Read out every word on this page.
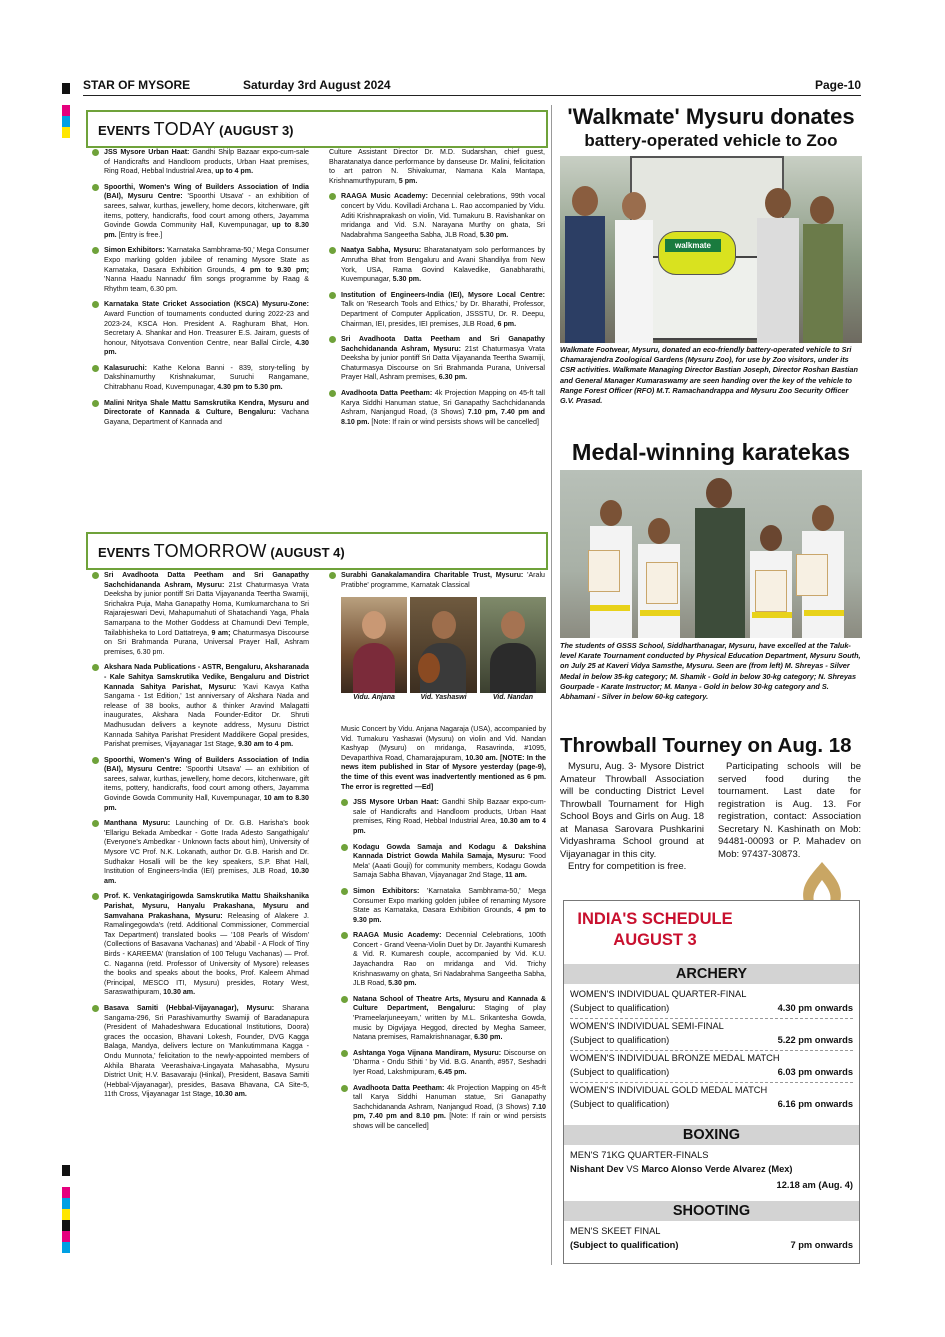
STAR OF MYSORE	Saturday 3rd August 2024	Page-10
EVENTS TODAY (AUGUST 3)
JSS Mysore Urban Haat: Gandhi Shilp Bazaar expo-cum-sale of Handicrafts and Handloom products, Urban Haat premises, Ring Road, Hebbal Industrial Area, up to 4 pm.
Spoorthi, Women's Wing of Builders Association of India (BAI), Mysuru Centre: 'Spoorthi Utsava' - an exhibition of sarees, salwar, kurthas, jewellery, home decors, kitchenware, gift items, pottery, handicrafts, food court among others, Jayamma Govinde Gowda Community Hall, Kuvempunagar, up to 8.30 pm. [Entry is free.]
Simon Exhibitors: 'Karnataka Sambhrama-50,' Mega Consumer Expo marking golden jubilee of renaming Mysore State as Karnataka, Dasara Exhibition Grounds, 4 pm to 9.30 pm; 'Nanna Haadu Nannadu' film songs programme by Raag & Rhythm team, 6.30 pm.
Karnataka State Cricket Association (KSCA) Mysuru-Zone: Award Function of tournaments conducted during 2022-23 and 2023-24, KSCA Hon. President A. Raghuram Bhat, Hon. Secretary A. Shankar and Hon. Treasurer E.S. Jairam, guests of honour, Nityotsava Convention Centre, near Ballal Circle, 4.30 pm.
Kalasuruchi: Kathe Kelona Banni - 839, story-telling by Dakshinamurthy Krishnakumar, Suruchi Rangamane, Chitrabhanu Road, Kuvempunagar, 4.30 pm to 5.30 pm.
Malini Nritya Shale Mattu Samskrutika Kendra, Mysuru and Directorate of Kannada & Culture, Bengaluru: Vachana Gayana, Department of Kannada and
Culture Assistant Director Dr. M.D. Sudarshan, chief guest, Bharatanatya dance performance by danseuse Dr. Malini, felicitation to art patron N. Shivakumar, Namana Kala Mantapa, Krishnamurthypuram, 5 pm.
RAAGA Music Academy: Decennial celebrations, 99th vocal concert by Vidu. Kovilladi Archana L. Rao accompanied by Vidu. Aditi Krishnaprakash on violin, Vid. Tumakuru B. Ravishankar on mridanga and Vid. S.N. Narayana Murthy on ghata, Sri Nadabrahma Sangeetha Sabha, JLB Road, 5.30 pm.
Naatya Sabha, Mysuru: Bharatanatyam solo performances by Amrutha Bhat from Bengaluru and Avani Shandilya from New York, USA, Rama Govind Kalavedike, Ganabharathi, Kuvempunagar, 5.30 pm.
Institution of Engineers-India (IEI), Mysore Local Centre: Talk on 'Research Tools and Ethics,' by Dr. Bharathi, Professor, Department of Computer Application, JSSSTU, Dr. R. Deepu, Chairman, IEI, presides, IEI premises, JLB Road, 6 pm.
Sri Avadhoota Datta Peetham and Sri Ganapathy Sachchidananda Ashram, Mysuru: 21st Chaturmasya Vrata Deeksha by junior pontiff Sri Datta Vijayananda Teertha Swamiji, Chaturmasya Discourse on Sri Brahmanda Purana, Universal Prayer Hall, Ashram premises, 6.30 pm.
Avadhoota Datta Peetham: 4k Projection Mapping on 45-ft tall Karya Siddhi Hanuman statue, Sri Ganapathy Sachchidananda Ashram, Nanjangud Road, (3 Shows) 7.10 pm, 7.40 pm and 8.10 pm. [Note: If rain or wind persists shows will be cancelled]
EVENTS TOMORROW (AUGUST 4)
Sri Avadhoota Datta Peetham and Sri Ganapathy Sachchidananda Ashram, Mysuru: 21st Chaturmasya Vrata Deeksha by junior pontiff Sri Datta Vijayananda Teertha Swamiji, Srichakra Puja, Maha Ganapathy Homa, Kumkumarchana to Sri Rajarajeswari Devi, Mahapurnahuti of Shatachandi Yaga, Phala Samarpana to the Mother Goddess at Chamundi Devi Temple, Tailabhisheka to Lord Dattatreya, 9 am; Chaturmasya Discourse on Sri Brahmanda Purana, Universal Prayer Hall, Ashram premises, 6.30 pm.
Akshara Nada Publications - ASTR, Bengaluru, Aksharanada - Kale Sahitya Samskrutika Vedike, Bengaluru and District Kannada Sahitya Parishat, Mysuru: 'Kavi Kavya Katha Sangama - 1st Edition,' 1st anniversary of Akshara Nada and release of 38 books, author & thinker Aravind Malagatti inaugurates, Akshara Nada Founder-Editor Dr. Shruti Madhusudan delivers a keynote address, Mysuru District Kannada Sahitya Parishat President Maddikere Gopal presides, Parishat premises, Vijayanagar 1st Stage, 9.30 am to 4 pm.
Spoorthi, Women's Wing of Builders Association of India (BAI), Mysuru Centre: 'Spoorthi Utsava' — an exhibition of sarees, salwar, kurthas, jewellery, home decors, kitchenware, gift items, pottery, handicrafts, food court among others, Jayamma Govinde Gowda Community Hall, Kuvempunagar, 10 am to 8.30 pm.
Manthana Mysuru: Launching of Dr. G.B. Harisha's book 'Ellarigu Bekada Ambedkar - Gotte Irada Adesto Sangathigalu' (Everyone's Ambedkar - Unknown facts about him), University of Mysore VC Prof. N.K. Lokanath, author Dr. G.B. Harish and Dr. Sudhakar Hosalli will be the key speakers, S.P. Bhat Hall, Institution of Engineers-India (IEI) premises, JLB Road, 10.30 am.
Prof. K. Venkatagirigowda Samskrutika Mattu Shaikshanika Parishat, Mysuru, Hanyalu Prakashana, Mysuru and Samvahana Prakashana, Mysuru: Releasing of Alakere J. Ramalingegowda's (retd. Additional Commissioner, Commercial Tax Department) translated books — '108 Pearls of Wisdom' (Collections of Basavana Vachanas) and 'Ababil - A Flock of Tiny Birds - KAREEMA' (translation of 100 Telugu Vachanas) — Prof. C. Naganna (retd. Professor of University of Mysore) releases the books and speaks about the books, Prof. Kaleem Ahmad (Principal, MESCO ITI, Mysuru) presides, Rotary West, Saraswathipuram, 10.30 am.
Basava Samiti (Hebbal-Vijayanagar), Mysuru: Sharana Sangama-296, Sri Parashivamurthy Swamiji of Baradanapura (President of Mahadeshwara Educational Institutions, Doora) graces the occasion, Bhavani Lokesh, Founder, DVG Kagga Balaga, Mandya, delivers lecture on 'Mankutimmana Kagga - Ondu Munnota,' felicitation to the newly-appointed members of Akhila Bharata Veerashaiva-Lingayata Mahasabha, Mysuru District Unit; H.V. Basavaraju (Hinkal), President, Basava Samiti (Hebbal-Vijayanagar), presides, Basava Bhavana, CA Site-5, 11th Cross, Vijayanagar 1st Stage, 10.30 am.
Surabhi Ganakalamandira Charitable Trust, Mysuru: 'Aralu Pratibhe' programme, Karnatak Classical
Vidu. Anjana	Vid. Yashaswi	Vid. Nandan
Music Concert by Vidu. Anjana Nagaraja (USA), accompanied by Vid. Tumakuru Yashaswi (Mysuru) on violin and Vid. Nandan Kashyap (Mysuru) on mridanga, Rasavrinda, #1095, Devaparthiva Road, Chamarajapuram, 10.30 am. [NOTE: In the news item published in Star of Mysore yesterday (page-9), the time of this event was inadvertently mentioned as 6 pm. The error is regretted —Ed]
JSS Mysore Urban Haat: Gandhi Shilp Bazaar expo-cum-sale of Handicrafts and Handloom products, Urban Haat premises, Ring Road, Hebbal Industrial Area, 10.30 am to 4 pm.
Kodagu Gowda Samaja and Kodagu & Dakshina Kannada District Gowda Mahila Samaja, Mysuru: 'Food Mela' (Aaati Gouji) for community members, Kodagu Gowda Samaja Sabha Bhavan, Vijayanagar 2nd Stage, 11 am.
Simon Exhibitors: 'Karnataka Sambhrama-50,' Mega Consumer Expo marking golden jubilee of renaming Mysore State as Karnataka, Dasara Exhibition Grounds, 4 pm to 9.30 pm.
RAAGA Music Academy: Decennial Celebrations, 100th Concert - Grand Veena-Violin Duet by Dr. Jayanthi Kumaresh & Vid. R. Kumaresh couple, accompanied by Vid. K.U. Jayachandra Rao on mridanga and Vid. Trichy Krishnaswamy on ghata, Sri Nadabrahma Sangeetha Sabha, JLB Road, 5.30 pm.
Natana School of Theatre Arts, Mysuru and Kannada & Culture Department, Bengaluru: Staging of play 'Prameelarjuneeyam,' written by M.L. Srikantesha Gowda, music by Digvijaya Heggod, directed by Megha Sameer, Natana premises, Ramakrishnanagar, 6.30 pm.
Ashtanga Yoga Vijnana Mandiram, Mysuru: Discourse on 'Dharma - Ondu Sthiti ' by Vid. B.G. Ananth, #957, Seshadri Iyer Road, Lakshmipuram, 6.45 pm.
Avadhoota Datta Peetham: 4k Projection Mapping on 45-ft tall Karya Siddhi Hanuman statue, Sri Ganapathy Sachchidananda Ashram, Nanjangud Road, (3 Shows) 7.10 pm, 7.40 pm and 8.10 pm. [Note: If rain or wind persists shows will be cancelled]
'Walkmate' Mysuru donates
battery-operated vehicle to Zoo
walkmate
Walkmate Footwear, Mysuru, donated an eco-friendly battery-operated vehicle to Sri Chamarajendra Zoological Gardens (Mysuru Zoo), for use by Zoo visitors, under its CSR activities. Walkmate Managing Director Bastian Joseph, Director Roshan Bastian and General Manager Kumaraswamy are seen handing over the key of the vehicle to Range Forest Officer (RFO) M.T. Ramachandrappa and Mysuru Zoo Security Officer G.V. Prasad.
Medal-winning karatekas
The students of GSSS School, Siddharthanagar, Mysuru, have excelled at the Taluk-level Karate Tournament conducted by Physical Education Department, Mysuru South, on July 25 at Kaveri Vidya Samsthe, Mysuru. Seen are (from left) M. Shreyas - Silver Medal in below 35-kg category; M. Shamik - Gold in below 30-kg category; N. Shreyas Gourpade - Karate Instructor; M. Manya - Gold in below 30-kg category and S. Abhamani - Silver in below 60-kg category.
Throwball Tourney on Aug. 18
Mysuru, Aug. 3- Mysore District Amateur Throwball Association will be conducting District Level Throwball Tournament for High School Boys and Girls on Aug. 18 at Manasa Sarovara Pushkarini Vidyashrama School ground at Vijayanagar in this city.
Entry for competition is free.
Participating schools will be served food during the tournament. Last date for registration is Aug. 13. For registration, contact: Association Secretary N. Kashinath on Mob: 94481-00093 or P. Mahadev on Mob: 97437-30873.
INDIA'S SCHEDULE
AUGUST 3
ARCHERY
WOMEN'S INDIVIDUAL QUARTER-FINAL
(Subject to qualification)	4.30 pm onwards
WOMEN'S INDIVIDUAL SEMI-FINAL
(Subject to qualification)	5.22 pm onwards
WOMEN'S INDIVIDUAL BRONZE MEDAL MATCH
(Subject to qualification)	6.03 pm onwards
WOMEN'S INDIVIDUAL GOLD MEDAL MATCH
(Subject to qualification)	6.16 pm onwards
BOXING
MEN'S 71KG QUARTER-FINALS
Nishant Dev VS Marco Alonso Verde Alvarez (Mex)
12.18 am (Aug. 4)
SHOOTING
MEN'S SKEET FINAL
(Subject to qualification)	7 pm onwards
